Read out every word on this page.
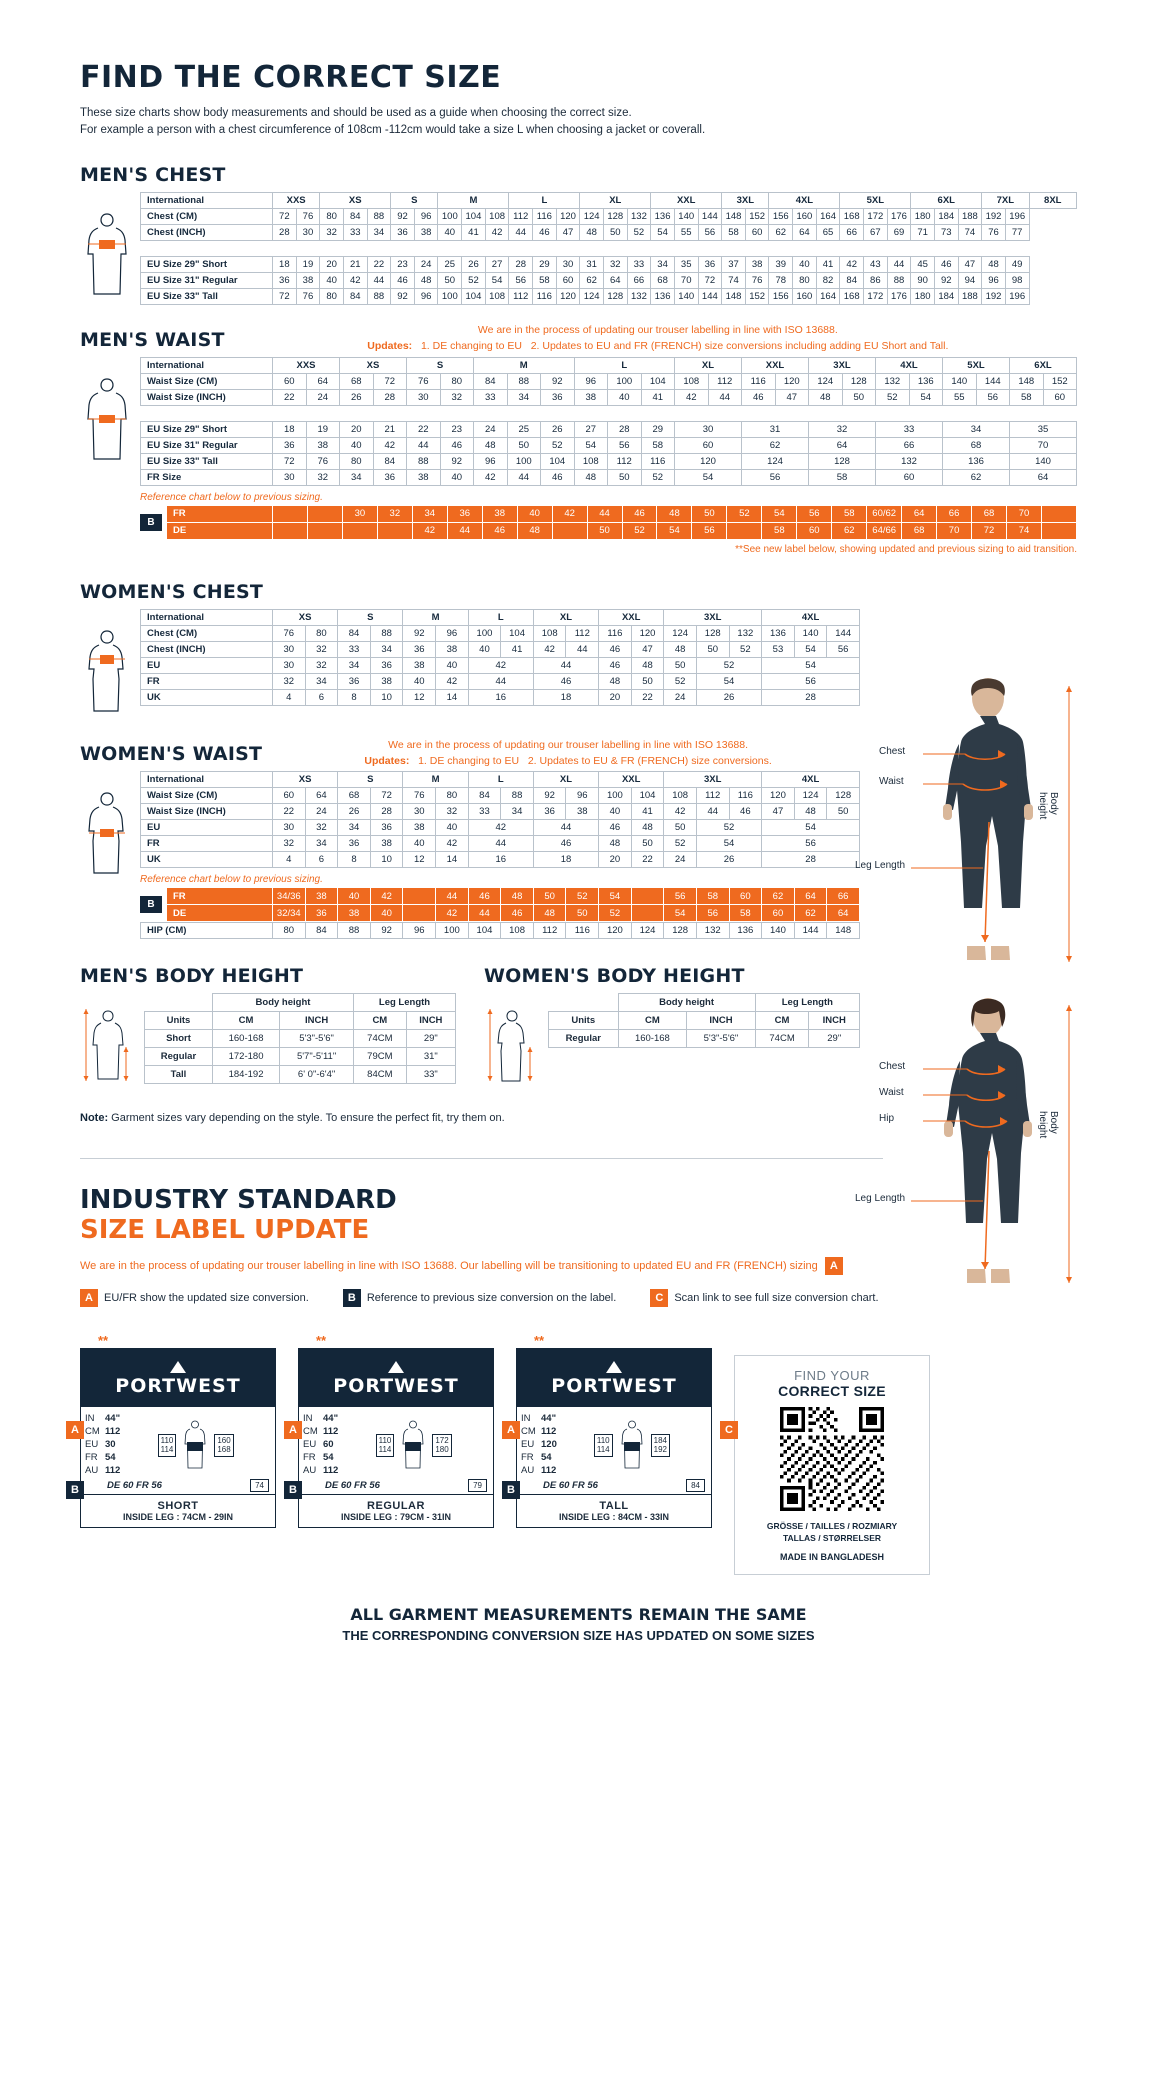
FIND THE CORRECT SIZE
These size charts show body measurements and should be used as a guide when choosing the correct size.
For example a person with a chest circumference of 108cm -112cm would take a size L when choosing a jacket or coverall.
MEN'S CHEST
International	XXS		XS			S		M			L			XL			XXL			3XL		4XL			5XL			6XL			7XL		8XL
Chest (CM)	72	76	80	84	88	92	96	100	104	108	112	116	120	124	128	132	136	140	144	148	152	156	160	164	168	172	176	180	184	188	192	196	
Chest (INCH)	28	30	32	33	34	36	38	40	41	42	44	46	47	48	50	52	54	55	56	58	60	62	64	65	66	67	69	71	73	74	76	77	

EU Size 29" Short	18	19	20	21	22	23	24	25	26	27	28	29	30	31	32	33	34	35	36	37	38	39	40	41	42	43	44	45	46	47	48	49	
EU Size 31" Regular	36	38	40	42	44	46	48	50	52	54	56	58	60	62	64	66	68	70	72	74	76	78	80	82	84	86	88	90	92	94	96	98	
EU Size 33" Tall	72	76	80	84	88	92	96	100	104	108	112	116	120	124	128	132	136	140	144	148	152	156	160	164	168	172	176	180	184	188	192	196	
MEN'S WAIST	We are in the process of updating our trouser labelling in line with ISO 13688.
Updates: 1. DE changing to EU 2. Updates to EU and FR (FRENCH) size conversions including adding EU Short and Tall.
International	XXS		XS		S		M			L			XL		XXL		3XL		4XL		5XL		6XL	
Waist Size (CM)	60	64	68	72	76	80	84	88	92	96	100	104	108	112	116	120	124	128	132	136	140	144	148	152
Waist Size (INCH)	22	24	26	28	30	32	33	34	36	38	40	41	42	44	46	47	48	50	52	54	55	56	58	60

EU Size 29" Short	18	19	20	21	22	23	24	25	26	27	28	29	30		31		32		33		34		35	
EU Size 31" Regular	36	38	40	42	44	46	48	50	52	54	56	58	60		62		64		66		68		70	
EU Size 33" Tall	72	76	80	84	88	92	96	100	104	108	112	116	120		124		128		132		136		140	
FR Size	30	32	34	36	38	40	42	44	46	48	50	52	54		56		58		60		62		64	
Reference chart below to previous sizing.
B
FR			30	32	34	36	38	40	42	44	46	48	50	52	54	56	58	60/62	64	66	68	70	
DE					42	44	46	48		50	52	54	56		58	60	62	64/66	68	70	72	74	
**See new label below, showing updated and previous sizing to aid transition.
WOMEN'S CHEST
International	XS		S		M		L		XL		XXL		3XL			4XL		
Chest (CM)	76	80	84	88	92	96	100	104	108	112	116	120	124	128	132	136	140	144
Chest (INCH)	30	32	33	34	36	38	40	41	42	44	46	47	48	50	52	53	54	56
EU	30	32	34	36	38	40	42		44		46	48	50	52		54		
FR	32	34	36	38	40	42	44		46		48	50	52	54		56		
UK	4	6	8	10	12	14	16		18		20	22	24	26		28		
WOMEN'S WAIST	We are in the process of updating our trouser labelling in line with ISO 13688.
Updates: 1. DE changing to EU 2. Updates to EU & FR (FRENCH) size conversions.
International	XS		S		M		L		XL		XXL		3XL			4XL		
Waist Size (CM)	60	64	68	72	76	80	84	88	92	96	100	104	108	112	116	120	124	128
Waist Size (INCH)	22	24	26	28	30	32	33	34	36	38	40	41	42	44	46	47	48	50
EU	30	32	34	36	38	40	42		44		46	48	50	52		54		
FR	32	34	36	38	40	42	44		46		48	50	52	54		56		
UK	4	6	8	10	12	14	16		18		20	22	24	26		28		
Reference chart below to previous sizing.
B
FR	34/36	38	40	42		44	46	48	50	52	54		56	58	60	62	64	66
DE	32/34	36	38	40		42	44	46	48	50	52		54	56	58	60	62	64
HIP (CM)	80	84	88	92	96	100	104	108	112	116	120	124	128	132	136	140	144	148
MEN'S BODY HEIGHT
	Body height		Leg Length	
Units	CM	INCH	CM	INCH
Short	160-168	5'3"-5'6"	74CM	29"
Regular	172-180	5'7"-5'11"	79CM	31"
Tall	184-192	6' 0"-6'4"	84CM	33"
WOMEN'S BODY HEIGHT
	Body height		Leg Length	
Units	CM	INCH	CM	INCH
Regular	160-168	5'3"-5'6"	74CM	29"
Note: Garment sizes vary depending on the style. To ensure the perfect fit, try them on.
INDUSTRY STANDARD
SIZE LABEL UPDATE
We are in the process of updating our trouser labelling in line with ISO 13688. Our labelling will be transitioning to updated EU and FR (FRENCH) sizing	A
A	EU/FR show the updated size conversion.	B	Reference to previous size conversion on the label.	C	Scan link to see full size conversion chart.
**
PORTWEST
IN 44"
CM 112
EU 30
FR 54
AU 112
110
114
160
168
DE 60 FR 56	74
SHORT
INSIDE LEG : 74CM - 29IN
A
B
**
PORTWEST
IN 44"
CM 112
EU 60
FR 54
AU 112
110
114
172
180
DE 60 FR 56	79
REGULAR
INSIDE LEG : 79CM - 31IN
A
B
**
PORTWEST
IN 44"
CM 112
EU 120
FR 54
AU 112
110
114
184
192
DE 60 FR 56	84
TALL
INSIDE LEG : 84CM - 33IN
A
B
C
FIND YOUR
CORRECT SIZE
GRÖSSE / TAILLES / ROZMIARY
TALLAS / STØRRELSER
MADE IN BANGLADESH
ALL GARMENT MEASUREMENTS REMAIN THE SAME
THE CORRESPONDING CONVERSION SIZE HAS UPDATED ON SOME SIZES
Chest
Waist
Leg Length
Body height
Chest
Waist
Hip
Leg Length
Body height
